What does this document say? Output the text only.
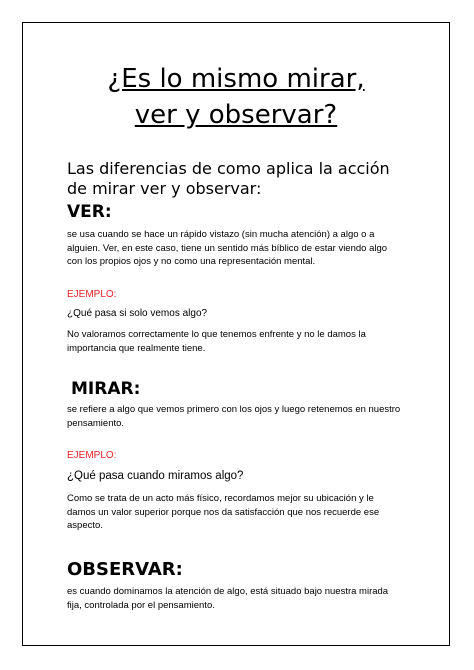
¿Es lo mismo mirar,
ver y observar?
Las diferencias de como aplica la acción
de mirar ver y observar:
VER:
se usa cuando se hace un rápido vistazo (sin mucha atención) a algo o a
alguien. Ver, en este caso, tiene un sentido más bíblico de estar viendo algo
con los propios ojos y no como una representación mental.
EJEMPLO:
¿Qué pasa si solo vemos algo?
No valoramos correctamente lo que tenemos enfrente y no le damos la
importancia que realmente tiene.
MIRAR:
se refiere a algo que vemos primero con los ojos y luego retenemos en nuestro
pensamiento.
EJEMPLO:
¿Qué pasa cuando miramos algo?
Como se trata de un acto más físico, recordamos mejor su ubicación y le
damos un valor superior porque nos da satisfacción que nos recuerde ese
aspecto.
OBSERVAR:
es cuando dominamos la atención de algo, está situado bajo nuestra mirada
fija, controlada por el pensamiento.
